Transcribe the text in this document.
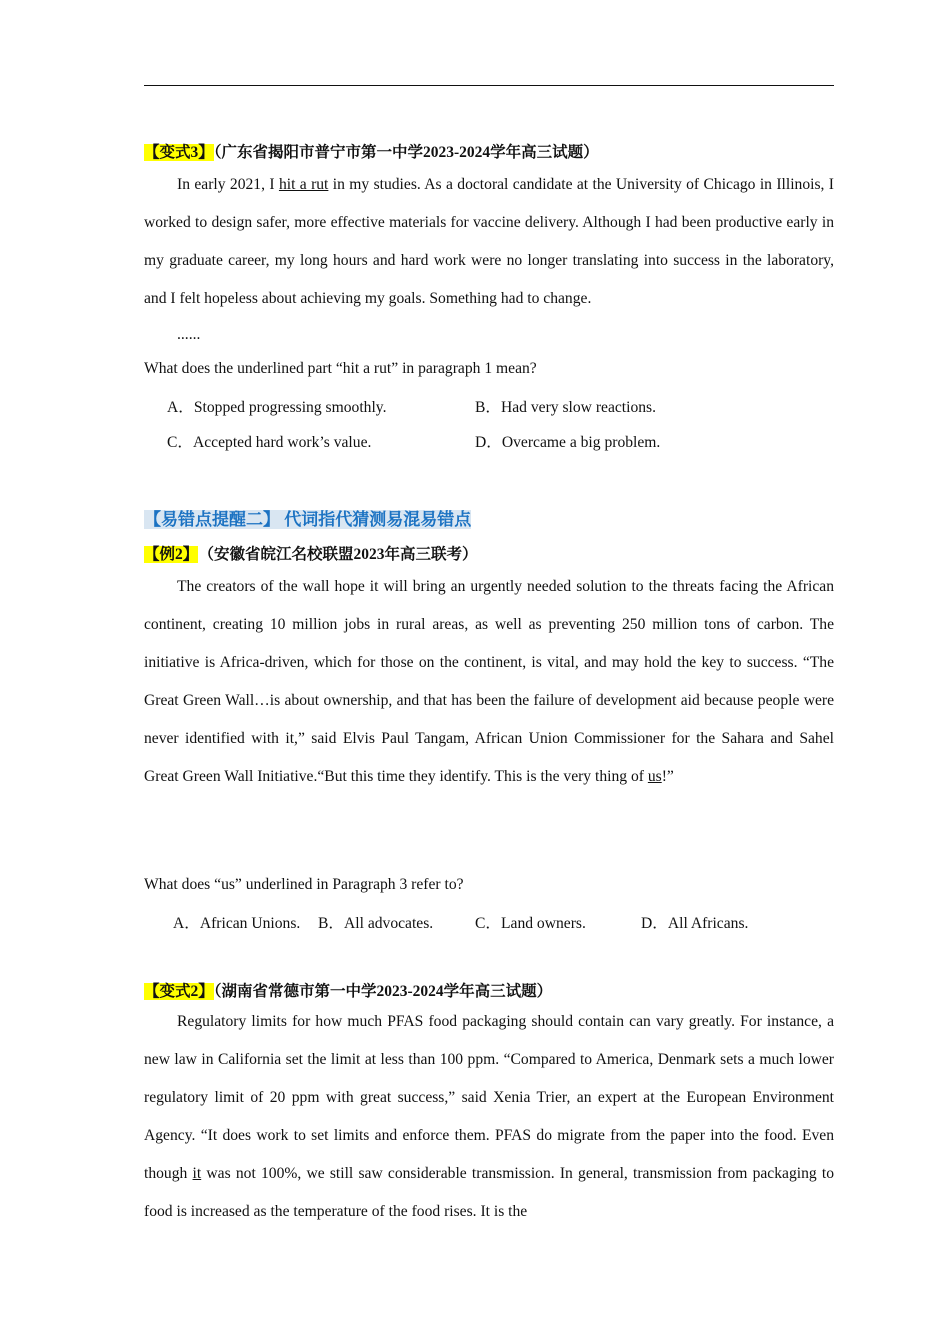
【变式3】（广东省揭阳市普宁市第一中学2023-2024学年高三试题）
In early 2021, I hit a rut in my studies. As a doctoral candidate at the University of Chicago in Illinois, I worked to design safer, more effective materials for vaccine delivery. Although I had been productive early in my graduate career, my long hours and hard work were no longer translating into success in the laboratory, and I felt hopeless about achieving my goals. Something had to change.
......
What does the underlined part “hit a rut” in paragraph 1 mean?
A．Stopped progressing smoothly.	B．Had very slow reactions.
C．Accepted hard work’s value.	D．Overcame a big problem.
【易错点提醒二】 代词指代猜测易混易错点
【例2】 （安徽省皖江名校联盟2023年高三联考）
The creators of the wall hope it will bring an urgently needed solution to the threats facing the African continent, creating 10 million jobs in rural areas, as well as preventing 250 million tons of carbon. The initiative is Africa-driven, which for those on the continent, is vital, and may hold the key to success. “The Great Green Wall…is about ownership, and that has been the failure of development aid because people were never identified with it,” said Elvis Paul Tangam, African Union Commissioner for the Sahara and Sahel Great Green Wall Initiative.“But this time they identify. This is the very thing of us!”
What does “us” underlined in Paragraph 3 refer to?
A．African Unions. B．All advocates.	C．Land owners.	D．All Africans.
【变式2】（湖南省常德市第一中学2023-2024学年高三试题）
Regulatory limits for how much PFAS food packaging should contain can vary greatly. For instance, a new law in California set the limit at less than 100 ppm. “Compared to America, Denmark sets a much lower regulatory limit of 20 ppm with great success,” said Xenia Trier, an expert at the European Environment Agency. “It does work to set limits and enforce them. PFAS do migrate from the paper into the food. Even though it was not 100%, we still saw considerable transmission. In general, transmission from packaging to food is increased as the temperature of the food rises. It is the
